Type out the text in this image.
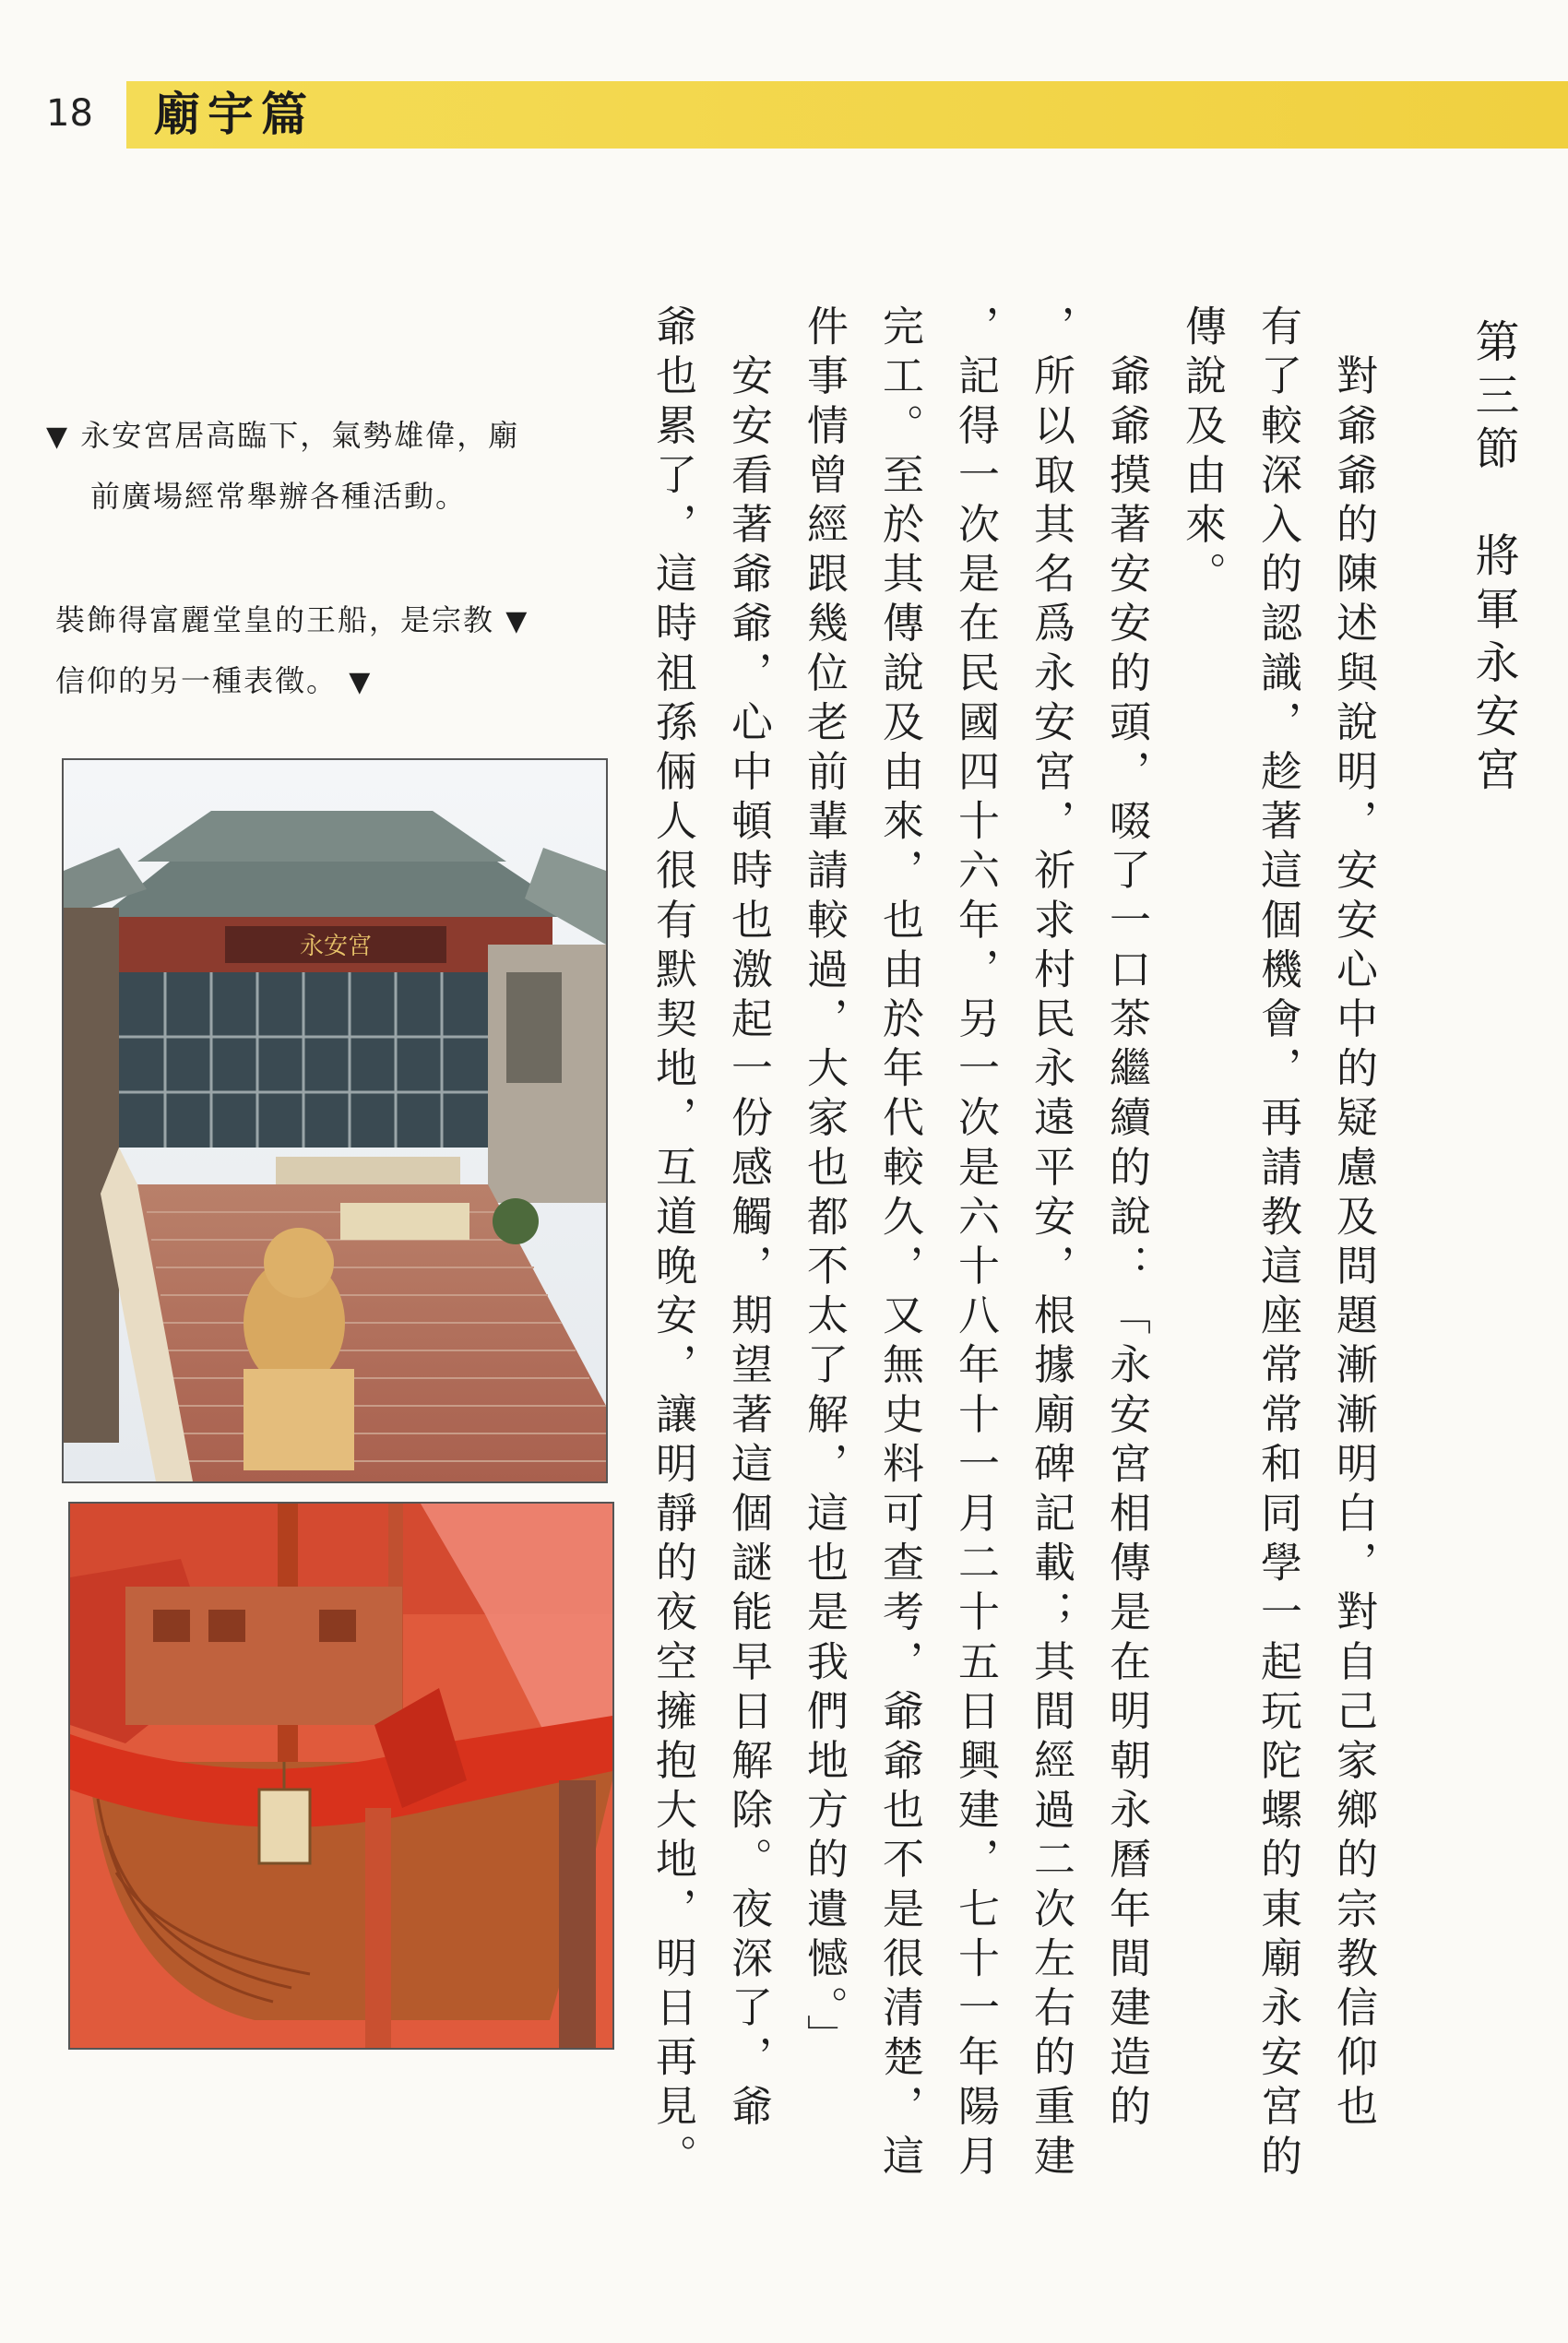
18 廟宇篇
第三節　將軍永安宮
　對爺爺的陳述與說明，安安心中的疑慮及問題漸漸明白，對自己家鄉的宗教信仰也
有了較深入的認識，趁著這個機會，再請教這座常常和同學一起玩陀螺的東廟永安宮的
傳說及由來。
　爺爺摸著安安的頭，啜了一口茶繼續的說：「永安宮相傳是在明朝永曆年間建造的
，所以取其名爲永安宮，祈求村民永遠平安，根據廟碑記載；其間經過二次左右的重建
，記得一次是在民國四十六年，另一次是六十八年十一月二十五日興建，七十一年陽月
完工。至於其傳說及由來，也由於年代較久，又無史料可查考，爺爺也不是很清楚，這
件事情曾經跟幾位老前輩請較過，大家也都不太了解，這也是我們地方的遺憾。」
　安安看著爺爺，心中頓時也激起一份感觸，期望著這個謎能早日解除。夜深了，爺
爺也累了，這時祖孫倆人很有默契地，互道晚安，讓明靜的夜空擁抱大地，明日再見。
▼ 永安宮居高臨下，氣勢雄偉，廟
前廣場經常舉辦各種活動。
裝飾得富麗堂皇的王船，是宗教 ▼
信仰的另一種表徵。 ▼
永安宮
